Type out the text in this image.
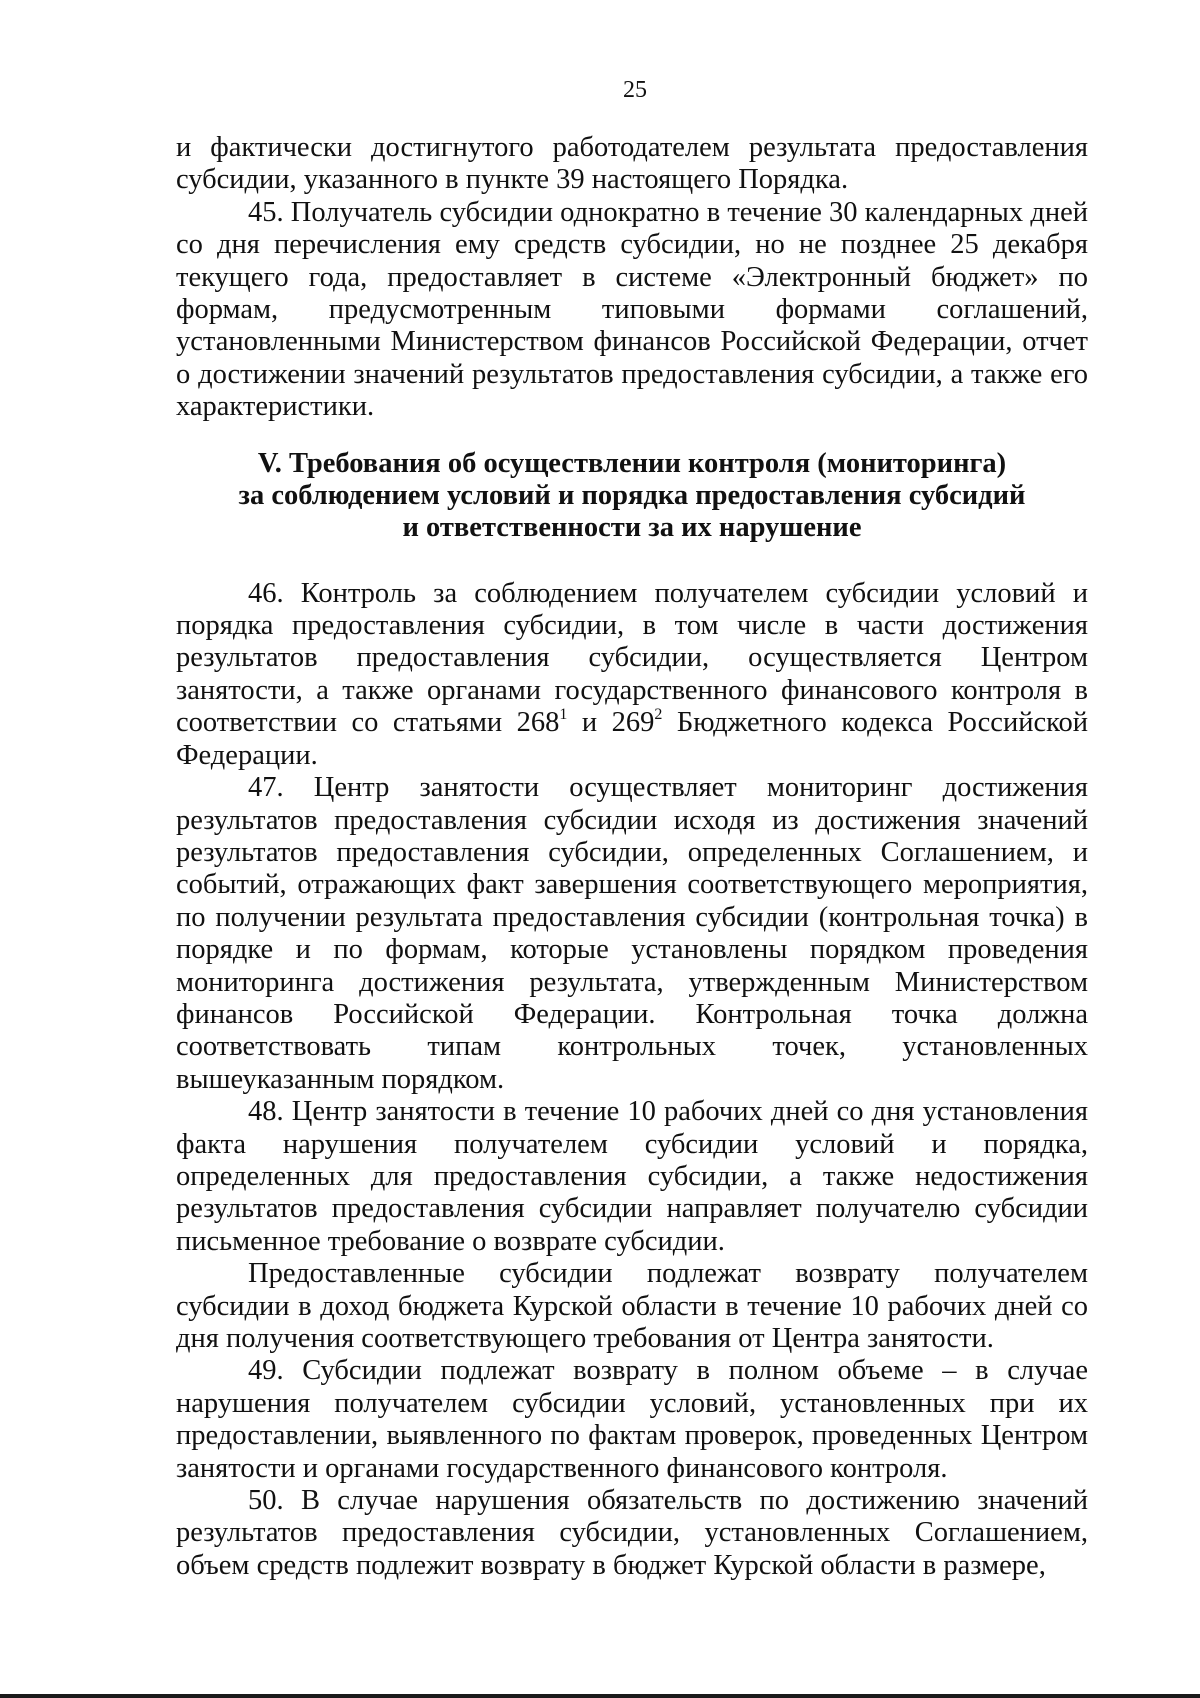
25

и фактически достигнутого работодателем результата предоставления субсидии, указанного в пункте 39 настоящего Порядка.

45. Получатель субсидии однократно в течение 30 календарных дней со дня перечисления ему средств субсидии, но не позднее 25 декабря текущего года, предоставляет в системе «Электронный бюджет» по формам, предусмотренным типовыми формами соглашений, установленными Министерством финансов Российской Федерации, отчет о достижении значений результатов предоставления субсидии, а также его характеристики.

V. Требования об осуществлении контроля (мониторинга)
за соблюдением условий и порядка предоставления субсидий
и ответственности за их нарушение

46. Контроль за соблюдением получателем субсидии условий и порядка предоставления субсидии, в том числе в части достижения результатов предоставления субсидии, осуществляется Центром занятости, а также органами государственного финансового контроля в соответствии со статьями $268^1$ и $269^2$ Бюджетного кодекса Российской Федерации.

47. Центр занятости осуществляет мониторинг достижения результатов предоставления субсидии исходя из достижения значений результатов предоставления субсидии, определенных Соглашением, и событий, отражающих факт завершения соответствующего мероприятия, по получении результата предоставления субсидии (контрольная точка) в порядке и по формам, которые установлены порядком проведения мониторинга достижения результата, утвержденным Министерством финансов Российской Федерации. Контрольная точка должна соответствовать типам контрольных точек, установленных вышеуказанным порядком.

48. Центр занятости в течение 10 рабочих дней со дня установления факта нарушения получателем субсидии условий и порядка, определенных для предоставления субсидии, а также недостижения результатов предоставления субсидии направляет получателю субсидии письменное требование о возврате субсидии.

Предоставленные субсидии подлежат возврату получателем субсидии в доход бюджета Курской области в течение 10 рабочих дней со дня получения соответствующего требования от Центра занятости.

49. Субсидии подлежат возврату в полном объеме – в случае нарушения получателем субсидии условий, установленных при их предоставлении, выявленного по фактам проверок, проведенных Центром занятости и органами государственного финансового контроля.

50. В случае нарушения обязательств по достижению значений результатов предоставления субсидии, установленных Соглашением, объем средств подлежит возврату в бюджет Курской области в размере,
